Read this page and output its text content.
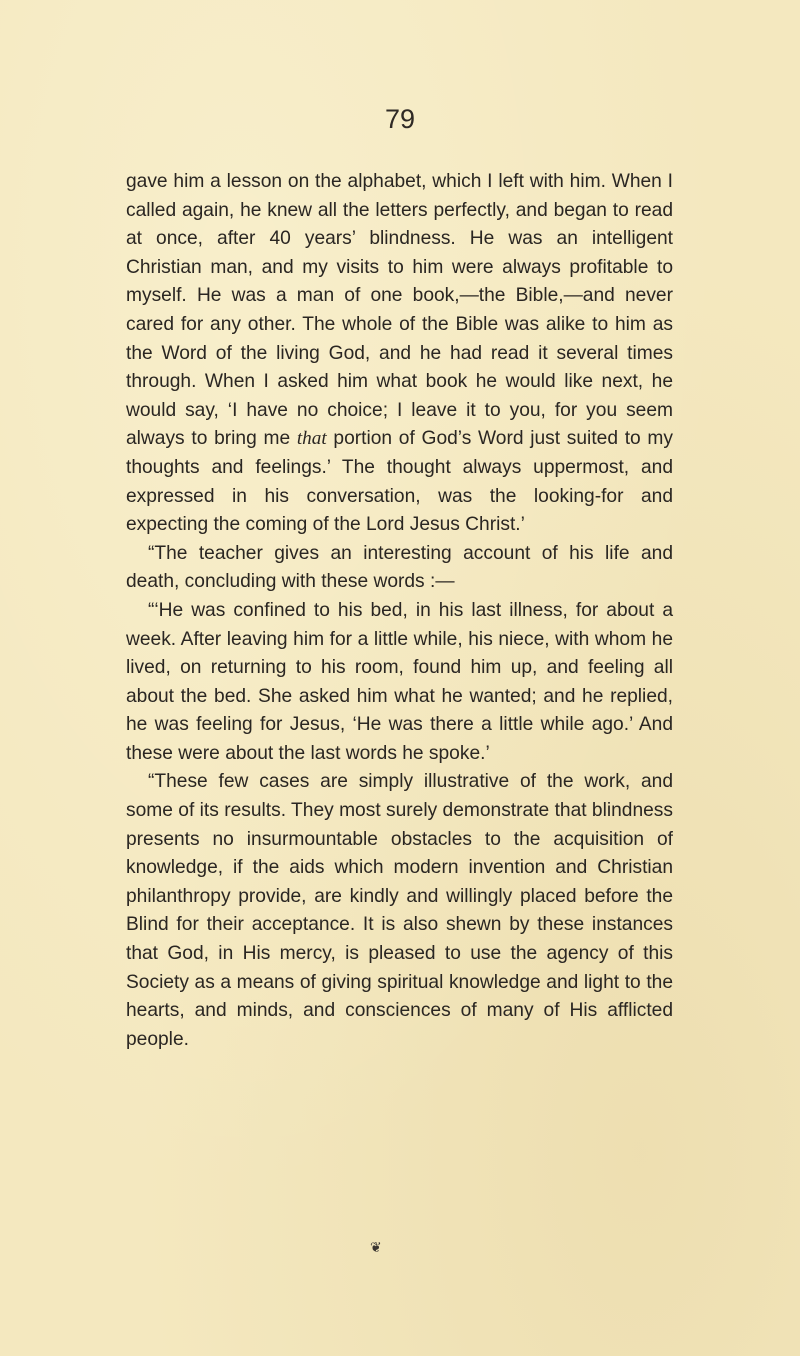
79

gave him a lesson on the alphabet, which I left with him. When I called again, he knew all the letters perfectly, and began to read at once, after 40 years’ blindness. He was an intelligent Christian man, and my visits to him were always profitable to myself. He was a man of one book,—the Bible,—and never cared for any other. The whole of the Bible was alike to him as the Word of the living God, and he had read it several times through. When I asked him what book he would like next, he would say, ‘I have no choice; I leave it to you, for you seem always to bring me that portion of God’s Word just suited to my thoughts and feelings.’ The thought always uppermost, and expressed in his conversation, was the looking-for and expecting the coming of the Lord Jesus Christ.’

“The teacher gives an interesting account of his life and death, concluding with these words :—

“‘He was confined to his bed, in his last illness, for about a week. After leaving him for a little while, his niece, with whom he lived, on returning to his room, found him up, and feeling all about the bed. She asked him what he wanted; and he replied, he was feeling for Jesus, ‘He was there a little while ago.’ And these were about the last words he spoke.’

“These few cases are simply illustrative of the work, and some of its results. They most surely demonstrate that blindness presents no insurmountable obstacles to the acquisition of knowledge, if the aids which modern invention and Christian philanthropy provide, are kindly and willingly placed before the Blind for their acceptance. It is also shewn by these instances that God, in His mercy, is pleased to use the agency of this Society as a means of giving spiritual knowledge and light to the hearts, and minds, and consciences of many of His afflicted people.

❦
